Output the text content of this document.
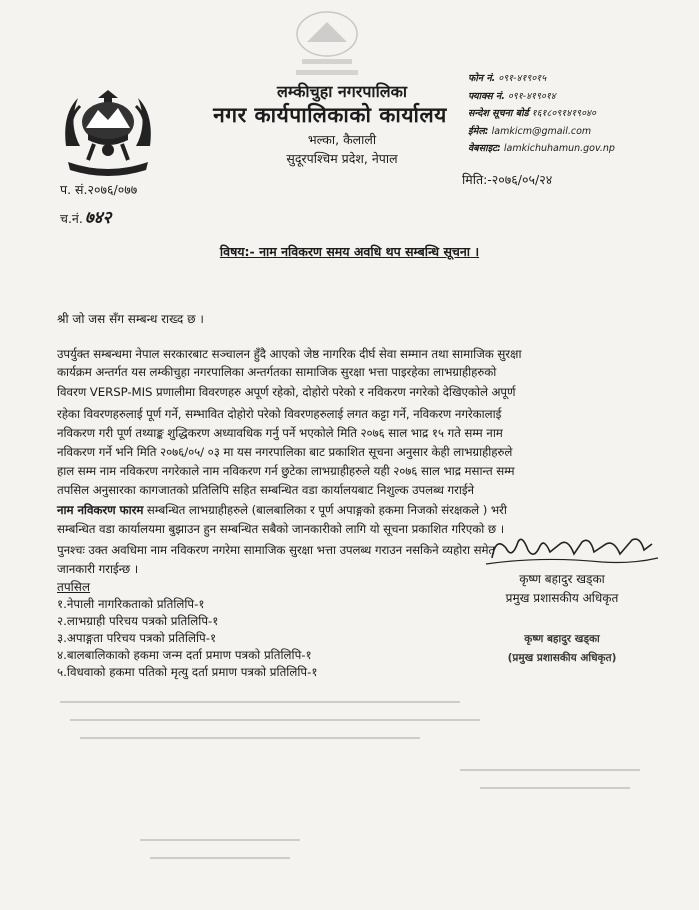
लम्कीचुहा नगरपालिका
नगर कार्यपालिकाको कार्यालय
भल्का, कैलाली
सुदूरपश्चिम प्रदेश, नेपाल
फोन नं. ०९१-४१९०१५
फ्याक्स नं. ०९१-४१९०१४
सन्देश सूचना बोर्ड १६१८०९१४१९०४०
ईमेल: lamkicm@gmail.com
वेबसाइट: lamkichuhamun.gov.np
प. सं.२०७६/०७७
च.नं. ७४२
मिति:-२०७६/०५/२४
विषय:- नाम नविकरण समय अवधि थप सम्बन्धि सूचना ।
श्री जो जस सँग सम्बन्ध राख्द छ ।
उपर्युक्त सम्बन्धमा नेपाल सरकारबाट सञ्चालन हुँदै आएको जेष्ठ नागरिक दीर्घ सेवा सम्मान तथा सामाजिक सुरक्षा
कार्यक्रम अन्तर्गत यस लम्कीचुहा नगरपालिका अन्तर्गतका सामाजिक सुरक्षा भत्ता पाइरहेका लाभग्राहीहरुको
विवरण VERSP-MIS प्रणालीमा विवरणहरु अपूर्ण रहेको, दोहोरो परेको र नविकरण नगरेको देखिएकोले अपूर्ण
रहेका विवरणहरुलाई पूर्ण गर्ने, सम्भावित दोहोरो परेको विवरणहरुलाई लगत कट्टा गर्ने, नविकरण नगरेकालाई
नविकरण गरी पूर्ण तथ्याङ्क शुद्धिकरण अध्यावधिक गर्नु पर्ने भएकोले मिति २०७६ साल भाद्र १५ गते सम्म नाम
नविकरण गर्ने भनि मिति २०७६/०५/ ०३ मा यस नगरपालिका बाट प्रकाशित सूचना अनुसार केही लाभग्राहीहरुले
हाल सम्म नाम नविकरण नगरेकाले नाम नविकरण गर्न छुटेका लाभग्राहीहरुले यही २०७६ साल भाद्र मसान्त सम्म
तपसिल अनुसारका कागजातको प्रतिलिपि सहित सम्बन्धित वडा कार्यालयबाट निशुल्क उपलब्ध गराईने
नाम नविकरण फारम सम्बन्धित लाभग्राहीहरुले (बालबालिका र पूर्ण अपाङ्गको हकमा निजको संरक्षकले ) भरी
सम्बन्धित वडा कार्यालयमा बुझाउन हुन सम्बन्धित सबैको जानकारीको लागि यो सूचना प्रकाशित गरिएको छ ।
पुनश्चः उक्त अवधिमा नाम नविकरण नगरेमा सामाजिक सुरक्षा भत्ता उपलब्ध गराउन नसकिने व्यहोरा समेत
जानकारी गराईन्छ ।
तपसिल
१.नेपाली नागरिकताको प्रतिलिपि-१
२.लाभग्राही परिचय पत्रको प्रतिलिपि-१
३.अपाङ्गता परिचय पत्रको प्रतिलिपि-१
४.बालबालिकाको हकमा जन्म दर्ता प्रमाण पत्रको प्रतिलिपि-१
५.विधवाको हकमा पतिको मृत्यु दर्ता प्रमाण पत्रको प्रतिलिपि-१
कृष्ण बहादुर खड्का
प्रमुख प्रशासकीय अधिकृत
कृष्ण बहादुर खड्का
(प्रमुख प्रशासकीय अधिकृत)
